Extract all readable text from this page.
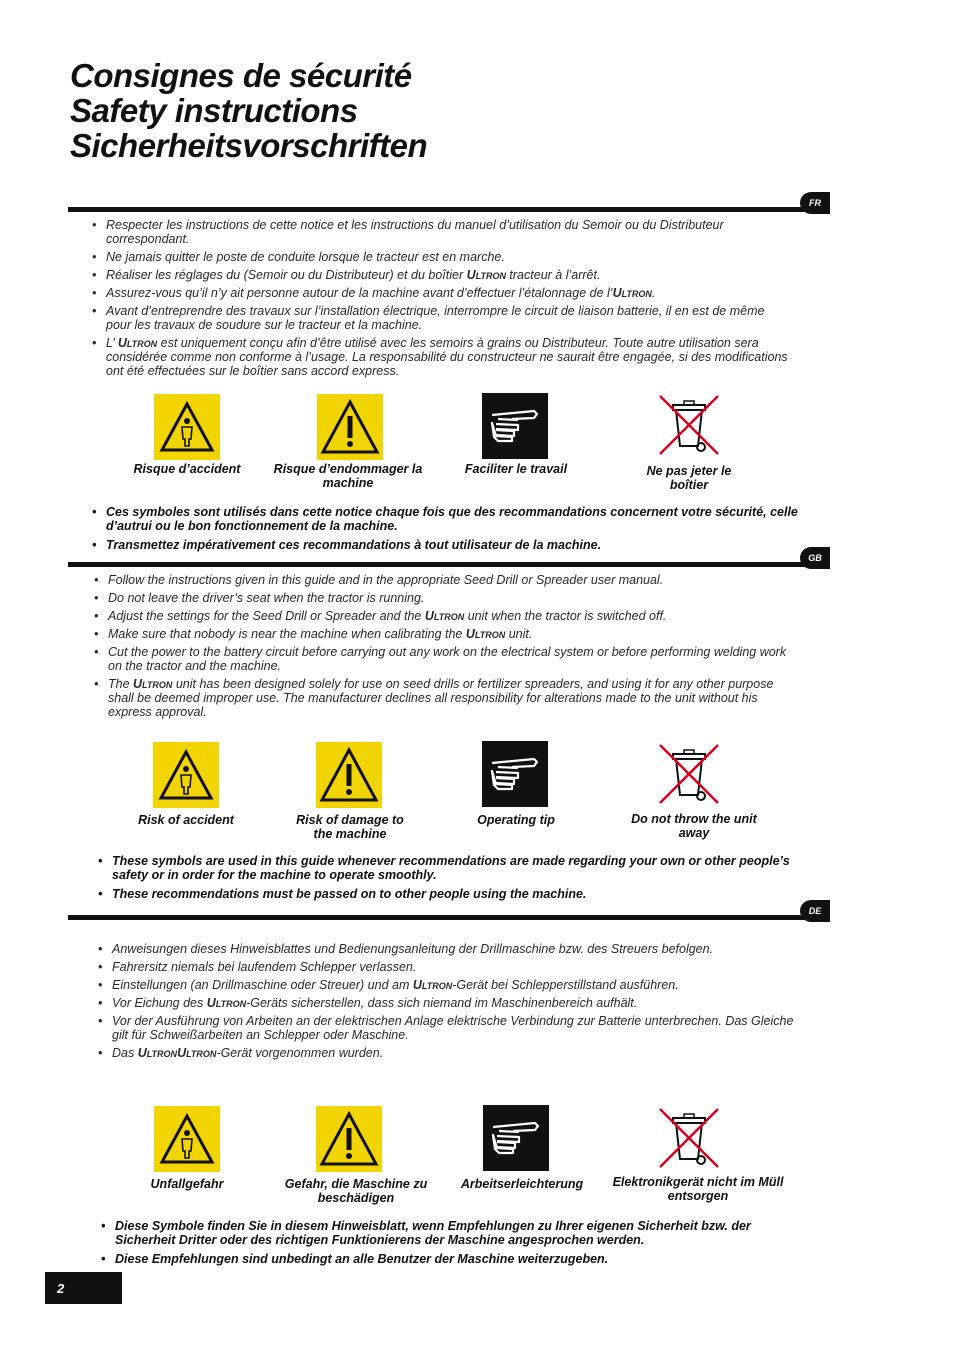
Consignes de sécurité
Safety instructions
Sicherheitsvorschriften
FR
• Respecter les instructions de cette notice et les instructions du manuel d’utilisation du Semoir ou du Distributeur correspondant.
• Ne jamais quitter le poste de conduite lorsque le tracteur est en marche.
• Réaliser les réglages du (Semoir ou du Distributeur) et du boîtier Ultron tracteur à l’arrêt.
• Assurez-vous qu’il n’y ait personne autour de la machine avant d’effectuer l’étalonnage de l’Ultron.
• Avant d’entreprendre des travaux sur l’installation électrique, interrompre le circuit de liaison batterie, il en est de même pour les travaux de soudure sur le tracteur et la machine.
• L’ Ultron est uniquement conçu afin d’être utilisé avec les semoirs à grains ou Distributeur. Toute autre utilisation sera considérée comme non conforme à l’usage. La responsabilité du constructeur ne saurait être engagée, si des modifications ont été effectuées sur le boîtier sans accord express.
Risque d’accident	Risque d’endommager la machine
Faciliter le travail	Ne pas jeter le boîtier
• Ces symboles sont utilisés dans cette notice chaque fois que des recommandations concernent votre sécurité, celle d’autrui ou le bon fonctionnement de la machine.
• Transmettez impérativement ces recommandations à tout utilisateur de la machine.
GB
• Follow the instructions given in this guide and in the appropriate Seed Drill or Spreader user manual.
• Do not leave the driver’s seat when the tractor is running.
• Adjust the settings for the Seed Drill or Spreader and the Ultron unit when the tractor is switched off.
• Make sure that nobody is near the machine when calibrating the Ultron unit.
• Cut the power to the battery circuit before carrying out any work on the electrical system or before performing welding work on the tractor and the machine.
• The Ultron unit has been designed solely for use on seed drills or fertilizer spreaders, and using it for any other purpose shall be deemed improper use. The manufacturer declines all responsibility for alterations made to the unit without his express approval.
Risk of accident	Risk of damage to the machine
Operating tip	Do not throw the unit away
• These symbols are used in this guide whenever recommendations are made regarding your own or other people’s safety or in order for the machine to operate smoothly.
• These recommendations must be passed on to other people using the machine.
DE
• Anweisungen dieses Hinweisblattes und Bedienungsanleitung der Drillmaschine bzw. des Streuers befolgen.
• Fahrersitz niemals bei laufendem Schlepper verlassen.
• Einstellungen (an Drillmaschine oder Streuer) und am Ultron-Gerät bei Schlepperstillstand ausführen.
• Vor Eichung des Ultron-Geräts sicherstellen, dass sich niemand im Maschinenbereich aufhält.
• Vor der Ausführung von Arbeiten an der elektrischen Anlage elektrische Verbindung zur Batterie unterbrechen. Das Gleiche gilt für Schweißarbeiten an Schlepper oder Maschine.
• Das UltronUltron-Gerät vorgenommen wurden.
Unfallgefahr	Gefahr, die Maschine zu beschädigen
Arbeitserleichterung	Elektronikgerät nicht im Müll entsorgen
• Diese Symbole finden Sie in diesem Hinweisblatt, wenn Empfehlungen zu Ihrer eigenen Sicherheit bzw. der Sicherheit Dritter oder des richtigen Funktionierens der Maschine angesprochen werden.
• Diese Empfehlungen sind unbedingt an alle Benutzer der Maschine weiterzugeben.
2
